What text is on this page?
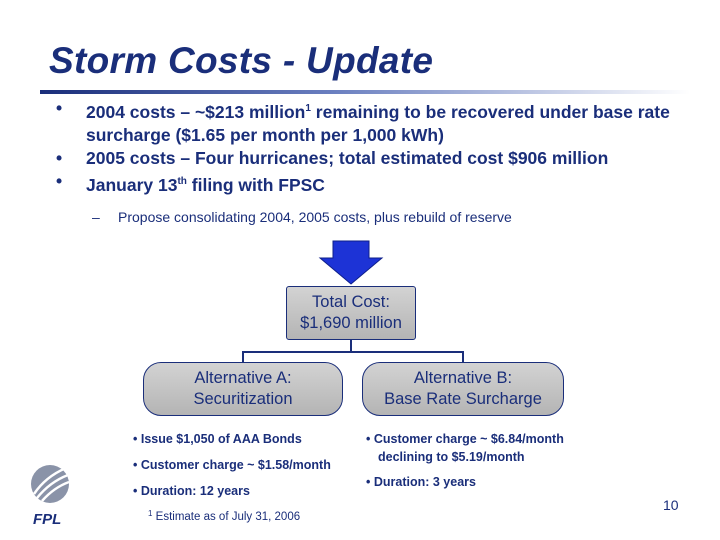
Storm Costs - Update
• 2004 costs – ~$213 million$^1$ remaining to be recovered under base rate surcharge ($1.65 per month per 1,000 kWh)
• 2005 costs – Four hurricanes; total estimated cost $906 million
• January 13th filing with FPSC
– Propose consolidating 2004, 2005 costs, plus rebuild of reserve
Total Cost:
$1,690 million
Alternative A:
Securitization
Alternative B:
Base Rate Surcharge
• Issue $1,050 of AAA Bonds
• Customer charge ~ $1.58/month
• Duration: 12 years
• Customer charge ~ $6.84/month
declining to $5.19/month
• Duration: 3 years
$^1$ Estimate as of July 31, 2006
10
FPL
